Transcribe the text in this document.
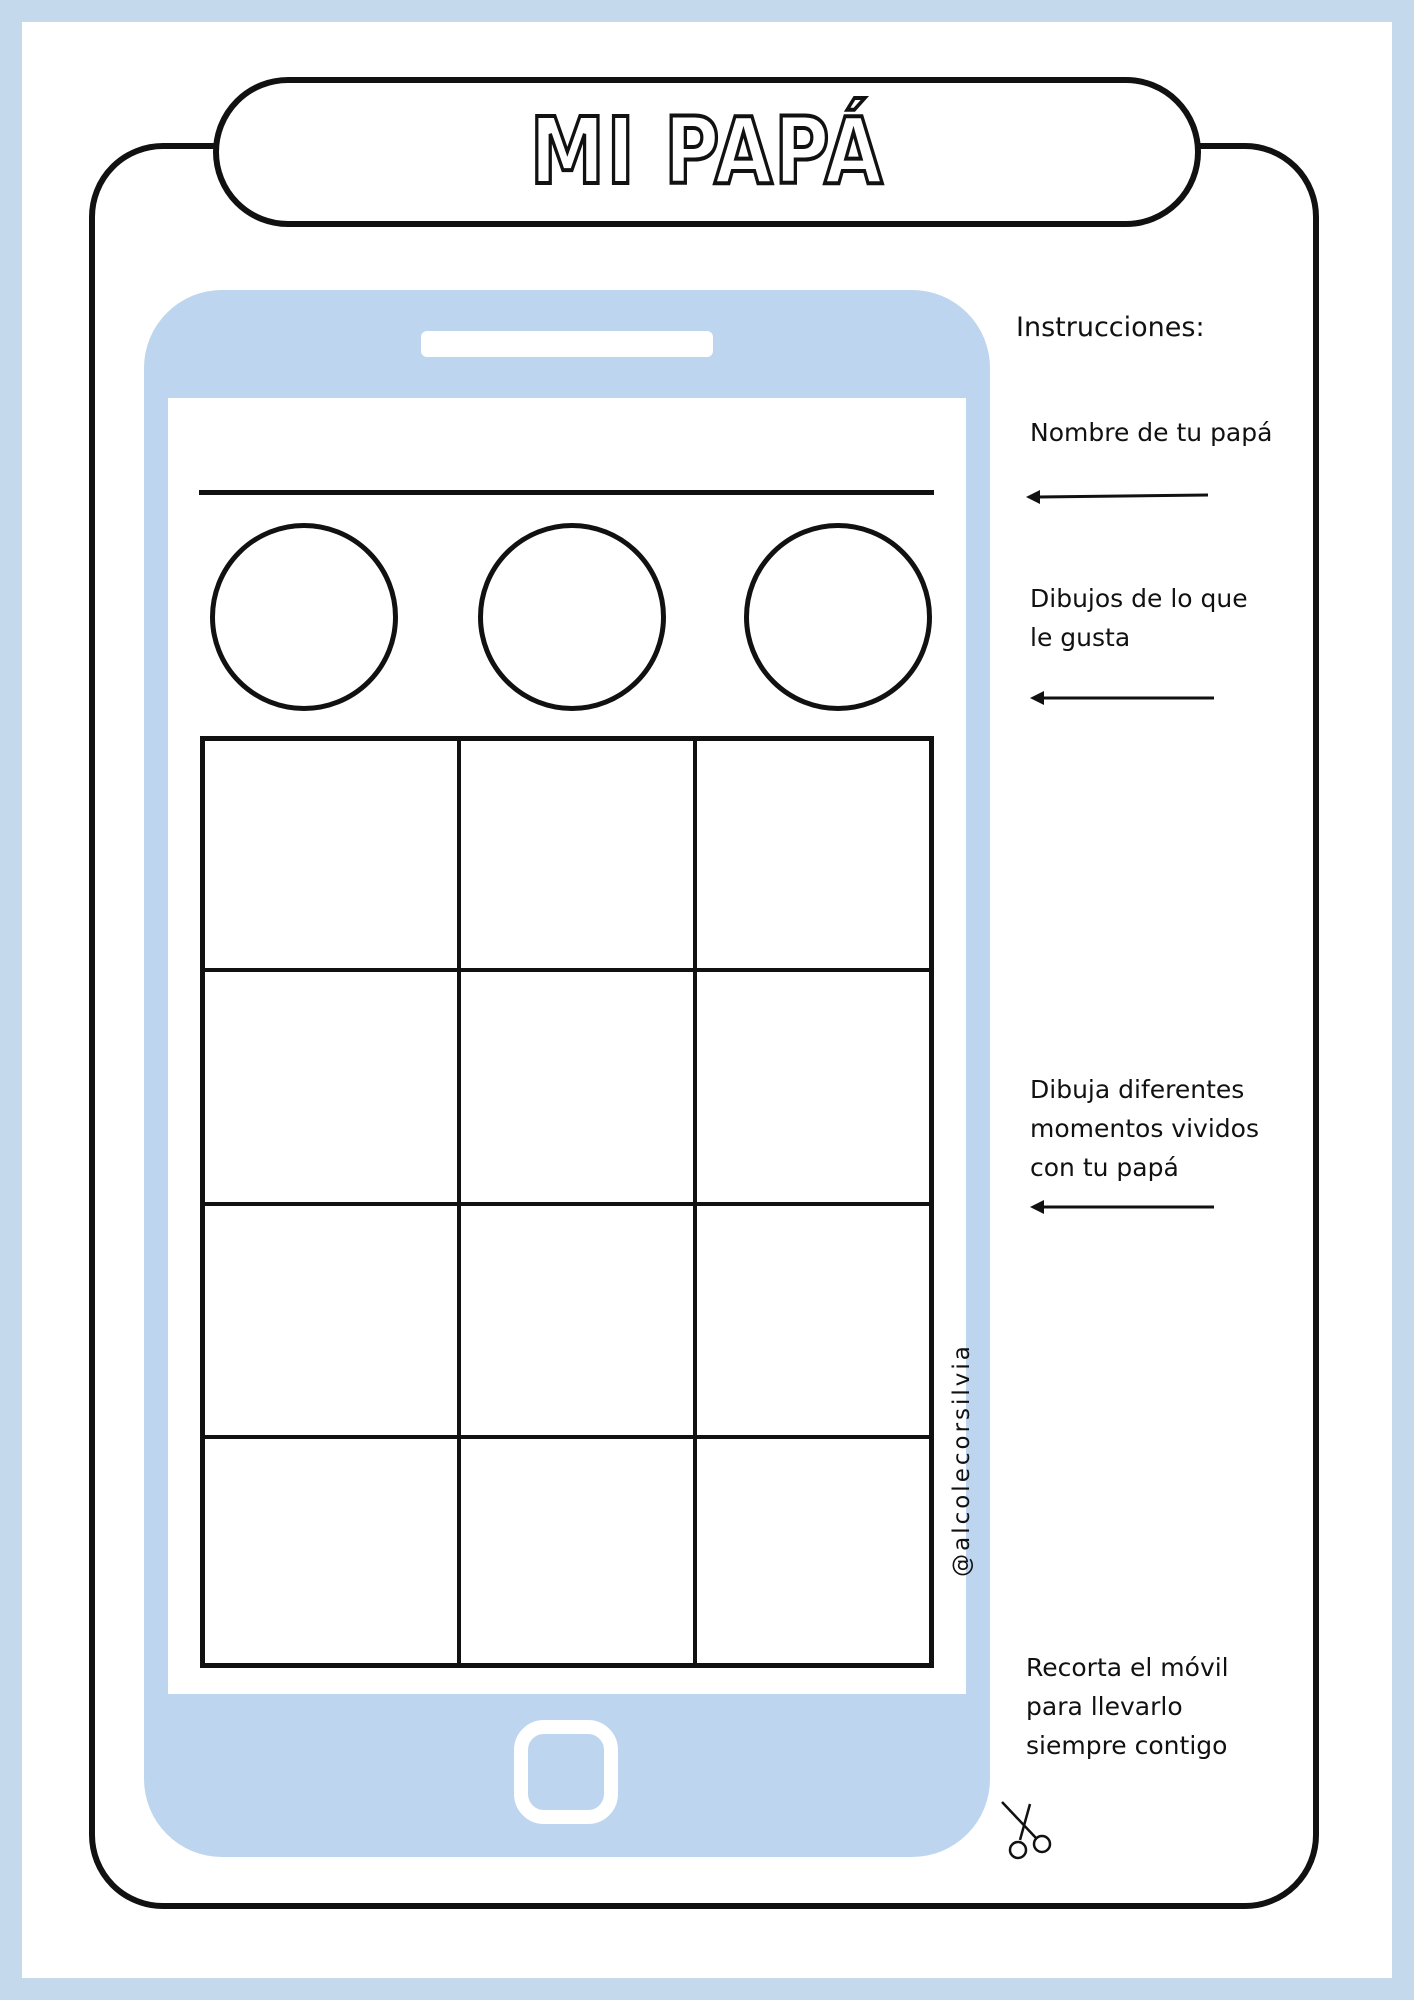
MI PAPÁ
@alcolecorsilvia
Instrucciones:
Nombre de tu papá
Dibujos de lo que
le gusta
Dibuja diferentes
momentos vividos
con tu papá
Recorta el móvil
para llevarlo
siempre contigo
